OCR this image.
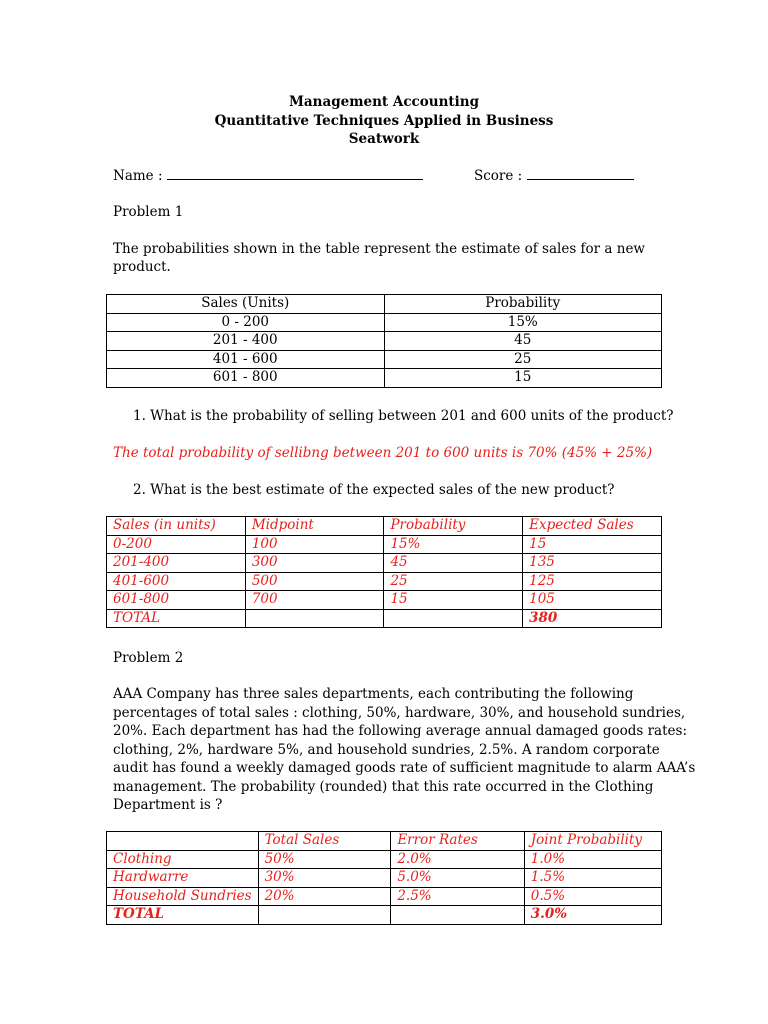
Management Accounting
Quantitative Techniques Applied in Business
Seatwork
Name :	Score :
Problem 1
The probabilities shown in the table represent the estimate of sales for a new
product.
Sales (Units)	Probability
0 - 200	15%
201 - 400	45
401 - 600	25
601 - 800	15
1. What is the probability of selling between 201 and 600 units of the product?
The total probability of sellibng between 201 to 600 units is 70% (45% + 25%)
2. What is the best estimate of the expected sales of the new product?
Sales (in units)	Midpoint	Probability	Expected Sales
0-200	100	15%	15
201-400	300	45	135
401-600	500	25	125
601-800	700	15	105
TOTAL			380
Problem 2
AAA Company has three sales departments, each contributing the following
percentages of total sales : clothing, 50%, hardware, 30%, and household sundries,
20%. Each department has had the following average annual damaged goods rates:
clothing, 2%, hardware 5%, and household sundries, 2.5%. A random corporate
audit has found a weekly damaged goods rate of sufficient magnitude to alarm AAA’s
management. The probability (rounded) that this rate occurred in the Clothing
Department is ?
	Total Sales	Error Rates	Joint Probability
Clothing	50%	2.0%	1.0%
Hardwarre	30%	5.0%	1.5%
Household Sundries	20%	2.5%	0.5%
TOTAL			3.0%
